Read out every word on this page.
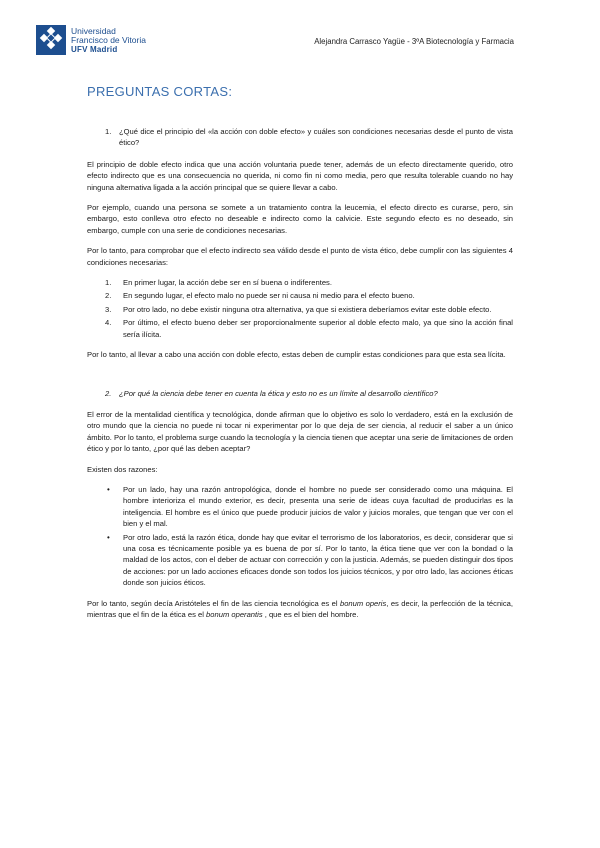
Universidad
Francisco de Vitoria
UFV Madrid
Alejandra Carrasco Yagüe - 3ºA Biotecnología y Farmacia
PREGUNTAS CORTAS:
1.	¿Qué dice el principio del «la acción con doble efecto» y cuáles son condiciones necesarias desde el punto de vista ético?

El principio de doble efecto indica que una acción voluntaria puede tener, además de un efecto directamente querido, otro efecto indirecto que es una consecuencia no querida, ni como fin ni como media, pero que resulta tolerable cuando no hay ninguna alternativa ligada a la acción principal que se quiere llevar a cabo.

Por ejemplo, cuando una persona se somete a un tratamiento contra la leucemia, el efecto directo es curarse, pero, sin embargo, esto conlleva otro efecto no deseable e indirecto como la calvicie. Este segundo efecto es no deseado, sin embargo, cumple con una serie de condiciones necesarias.

Por lo tanto, para comprobar que el efecto indirecto sea válido desde el punto de vista ético, debe cumplir con las siguientes 4 condiciones necesarias:

1.	En primer lugar, la acción debe ser en sí buena o indiferentes.
2.	En segundo lugar, el efecto malo no puede ser ni causa ni medio para el efecto bueno.
3.	Por otro lado, no debe existir ninguna otra alternativa, ya que si existiera deberíamos evitar este doble efecto.
4.	Por último, el efecto bueno deber ser proporcionalmente superior al doble efecto malo, ya que sino la acción final sería ilícita.

Por lo tanto, al llevar a cabo una acción con doble efecto, estas deben de cumplir estas condiciones para que esta sea lícita.

2.	¿Por qué la ciencia debe tener en cuenta la ética y esto no es un límite al desarrollo científico?

El error de la mentalidad científica y tecnológica, donde afirman que lo objetivo es solo lo verdadero, está en la exclusión de otro mundo que la ciencia no puede ni tocar ni experimentar por lo que deja de ser ciencia, al reducir el saber a un único ámbito. Por lo tanto, el problema surge cuando la tecnología y la ciencia tienen que aceptar una serie de limitaciones de orden ético y por lo tanto, ¿por qué las deben aceptar?

Existen dos razones:

•	Por un lado, hay una razón antropológica, donde el hombre no puede ser considerado como una máquina. El hombre interioriza el mundo exterior, es decir, presenta una serie de ideas cuya facultad de producirlas es la inteligencia. El hombre es el único que puede producir juicios de valor y juicios morales, que tengan que ver con el bien y el mal.
•	Por otro lado, está la razón ética, donde hay que evitar el terrorismo de los laboratorios, es decir, considerar que si una cosa es técnicamente posible ya es buena de por sí. Por lo tanto, la ética tiene que ver con la bondad o la maldad de los actos, con el deber de actuar con corrección y con la justicia. Además, se pueden distinguir dos tipos de acciones: por un lado acciones eficaces donde son todos los juicios técnicos, y por otro lado, las acciones éticas donde son juicios éticos.

Por lo tanto, según decía Aristóteles el fin de las ciencia tecnológica es el bonum operis, es decir, la perfección de la técnica, mientras que el fin de la ética es el bonum operantis , que es el bien del hombre.
